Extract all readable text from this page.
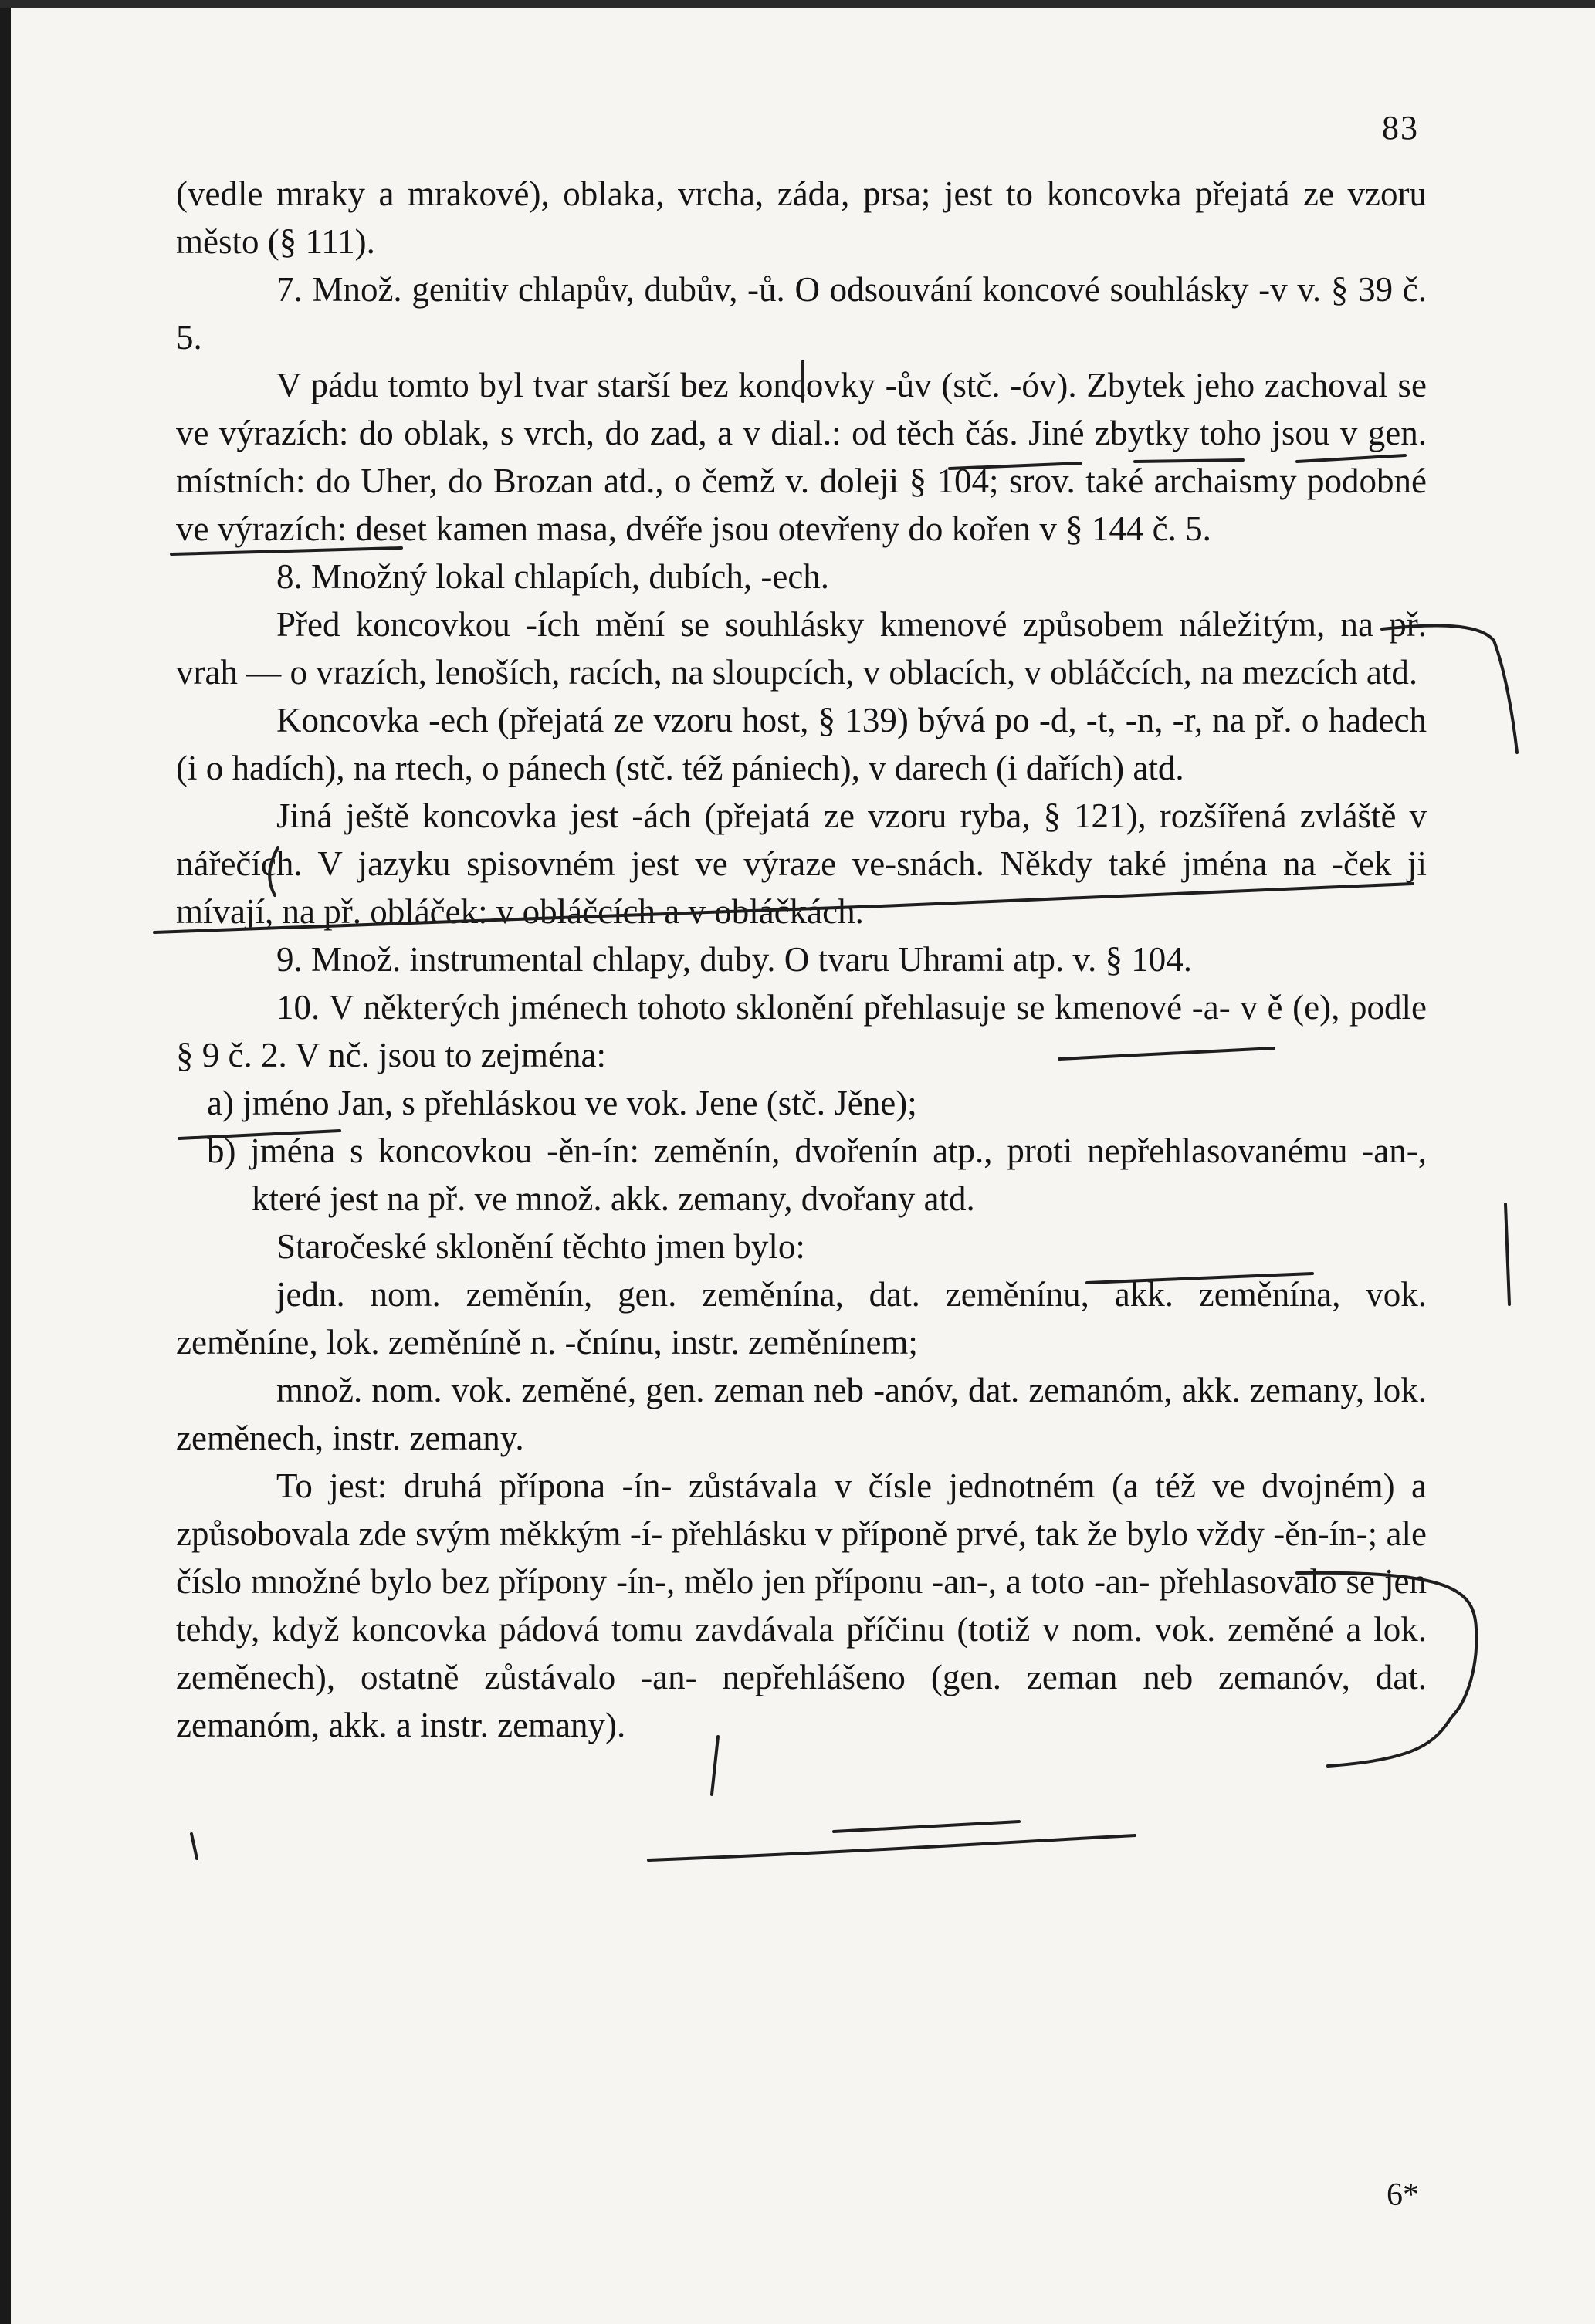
83

(vedle mraky a mrakové), oblaka, vrcha, záda, prsa; jest to koncovka přejatá ze vzoru město (§ 111).

7. Množ. genitiv chlapův, dubův, -ů. O odsouvání koncové souhlásky -v v. § 39 č. 5.

V pádu tomto byl tvar starší bez koncovky -ův (stč. -óv). Zbytek jeho zachoval se ve výrazích: do oblak, s vrch, do zad, a v dial.: od těch čás. Jiné zbytky toho jsou v gen. místních: do Uher, do Brozan atd., o čemž v. doleji § 104; srov. také archaismy podobné ve výrazích: deset kamen masa, dvéře jsou otevřeny do kořen v § 144 č. 5.

8. Množný lokal chlapích, dubích, -ech.

Před koncovkou -ích mění se souhlásky kmenové způsobem náležitým, na př. vrah — o vrazích, lenoších, racích, na sloupcích, v oblacích, v obláčcích, na mezcích atd.

Koncovka -ech (přejatá ze vzoru host, § 139) bývá po -d, -t, -n, -r, na př. o hadech (i o hadích), na rtech, o pánech (stč. též pániech), v darech (i dařích) atd.

Jiná ještě koncovka jest -ách (přejatá ze vzoru ryba, § 121), rozšířená zvláště v nářečích. V jazyku spisovném jest ve výraze ve-snách. Někdy také jména na -ček ji mívají, na př. obláček: v obláčcích a v obláčkách.

9. Množ. instrumental chlapy, duby. O tvaru Uhrami atp. v. § 104.

10. V některých jménech tohoto sklonění přehlasuje se kmenové -a- v ě (e), podle § 9 č. 2. V nč. jsou to zejména:

a) jméno Jan, s přehláskou ve vok. Jene (stč. Jěne);

b) jména s koncovkou -ěn-ín: zeměnín, dvořenín atp., proti nepřehlasovanému -an-, které jest na př. ve množ. akk. zemany, dvořany atd.

Staročeské sklonění těchto jmen bylo:

jedn. nom. zeměnín, gen. zeměnína, dat. zeměnínu, akk. zeměnína, vok. zeměníne, lok. zeměníně n. -čnínu, instr. zeměnínem;

množ. nom. vok. zeměné, gen. zeman neb -anóv, dat. zemanóm, akk. zemany, lok. zeměnech, instr. zemany.

To jest: druhá přípona -ín- zůstávala v čísle jednotném (a též ve dvojném) a způsobovala zde svým měkkým -í- přehlásku v příponě prvé, tak že bylo vždy -ěn-ín-; ale číslo množné bylo bez přípony -ín-, mělo jen příponu -an-, a toto -an- přehlasovalo se jen tehdy, když koncovka pádová tomu zavdávala příčinu (totiž v nom. vok. zeměné a lok. zeměnech), ostatně zůstávalo -an- nepřehlášeno (gen. zeman neb zemanóv, dat. zemanóm, akk. a instr. zemany).

6*
